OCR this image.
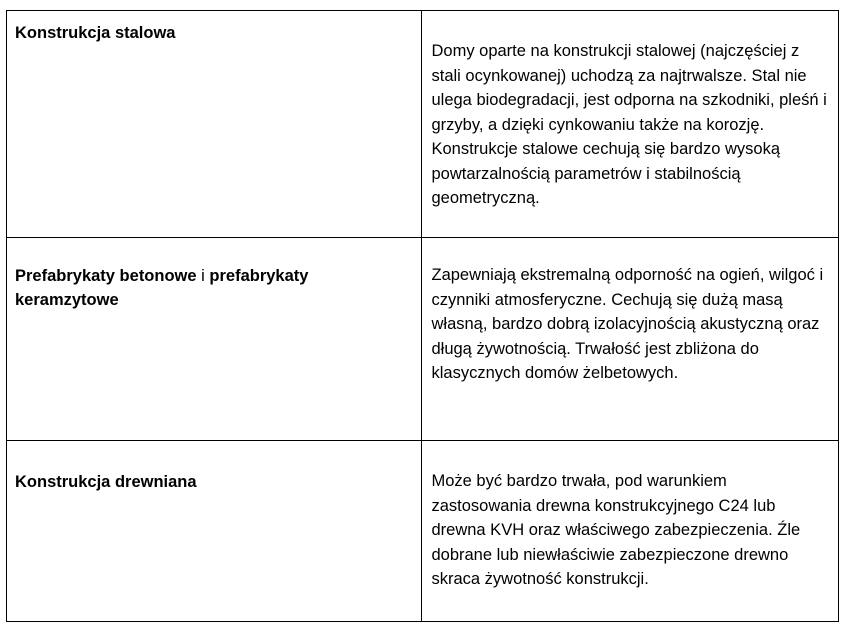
Konstrukcja stalowa	Domy oparte na konstrukcji stalowej (najczęściej z stali ocynkowanej) uchodzą za najtrwalsze. Stal nie ulega biodegradacji, jest odporna na szkodniki, pleśń i grzyby, a dzięki cynkowaniu także na korozję. Konstrukcje stalowe cechują się bardzo wysoką powtarzalnością parametrów i stabilnością geometryczną.

Prefabrykaty betonowe i prefabrykaty keramzytowe	Zapewniają ekstremalną odporność na ogień, wilgoć i czynniki atmosferyczne. Cechują się dużą masą własną, bardzo dobrą izolacyjnością akustyczną oraz długą żywotnością. Trwałość jest zbliżona do klasycznych domów żelbetowych.

Konstrukcja drewniana	Może być bardzo trwała, pod warunkiem zastosowania drewna konstrukcyjnego C24 lub drewna KVH oraz właściwego zabezpieczenia. Źle dobrane lub niewłaściwie zabezpieczone drewno skraca żywotność konstrukcji.
